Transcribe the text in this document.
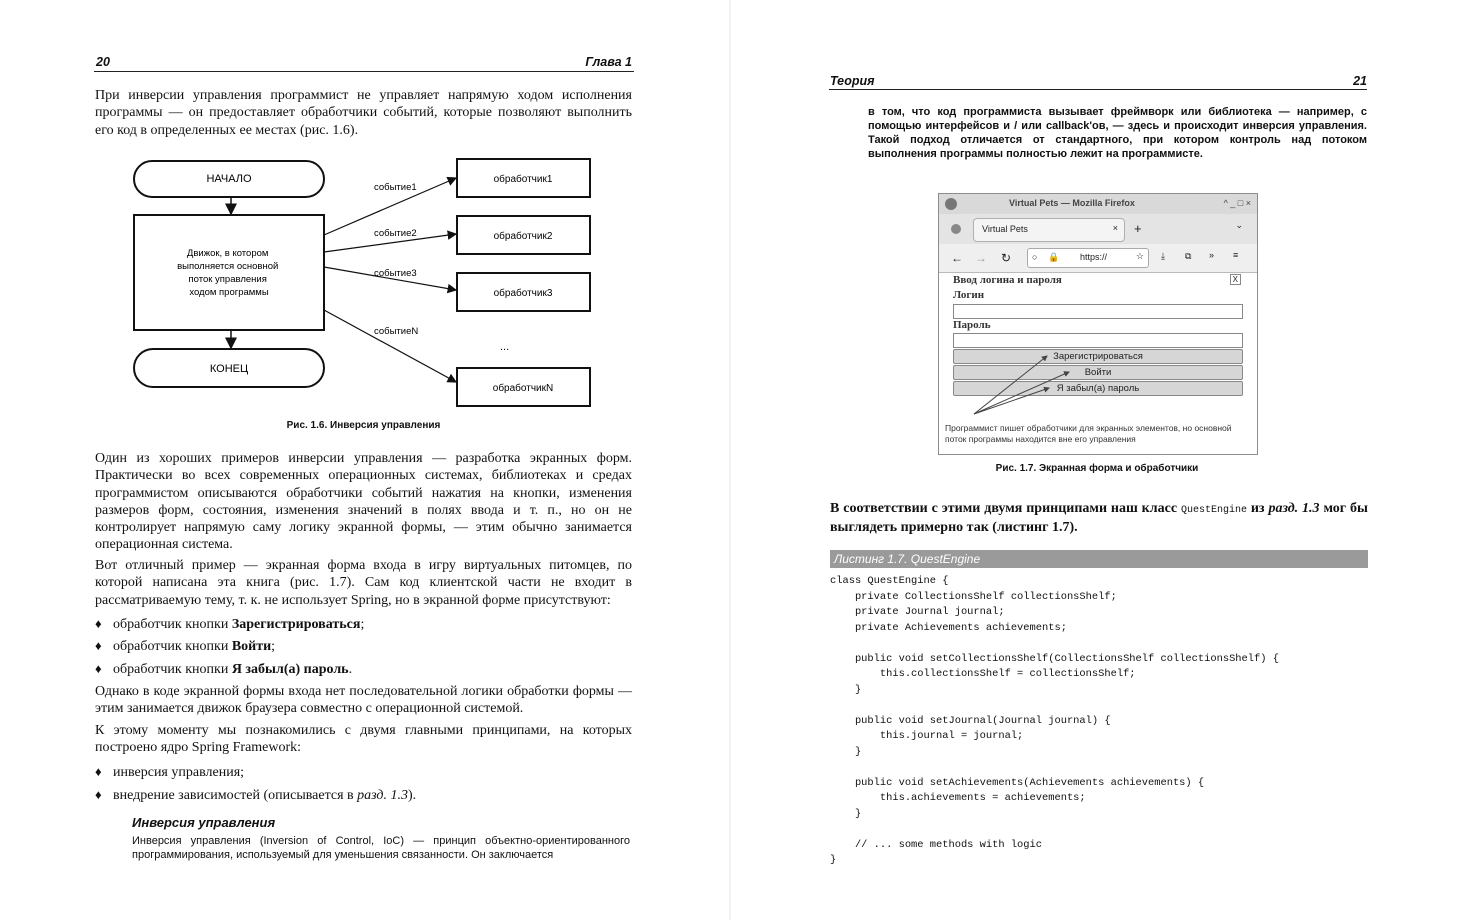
20	Глава 1
При инверсии управления программист не управляет напрямую ходом исполнения программы — он предоставляет обработчики событий, которые позволяют выполнить его код в определенных ее местах (рис. 1.6).
НАЧАЛО
Движок, в котором выполняется основной поток управления ходом программы
КОНЕЦ
событие1
событие2
событие3
событиеN
обработчик1
обработчик2
обработчик3
...
обработчикN
Рис. 1.6. Инверсия управления
Один из хороших примеров инверсии управления — разработка экранных форм. Практически во всех современных операционных системах, библиотеках и средах программистом описываются обработчики событий нажатия на кнопки, изменения размеров форм, состояния, изменения значений в полях ввода и т. п., но он не контролирует напрямую саму логику экранной формы, — этим обычно занимается операционная система.
Вот отличный пример — экранная форма входа в игру виртуальных питомцев, по которой написана эта книга (рис. 1.7). Сам код клиентской части не входит в рассматриваемую тему, т. к. не использует Spring, но в экранной форме присутствуют:
♦ обработчик кнопки Зарегистрироваться;
♦ обработчик кнопки Войти;
♦ обработчик кнопки Я забыл(а) пароль.
Однако в коде экранной формы входа нет последовательной логики обработки формы — этим занимается движок браузера совместно с операционной системой.
К этому моменту мы познакомились с двумя главными принципами, на которых построено ядро Spring Framework:
♦ инверсия управления;
♦ внедрение зависимостей (описывается в разд. 1.3).
Инверсия управления
Инверсия управления (Inversion of Control, IoC) — принцип объектно-ориентированного программирования, используемый для уменьшения связанности. Он заключается
Теория	21
в том, что код программиста вызывает фреймворк или библиотека — например, с помощью интерфейсов и / или callback'ов, — здесь и происходит инверсия управления. Такой подход отличается от стандартного, при котором контроль над потоком выполнения программы полностью лежит на программисте.
Virtual Pets — Mozilla Firefox	^ _ □ ×
Virtual Pets	× +	⌄
← → ↻ ○ 🔒 https://	☆ ⤓ ⧉ » ≡
Ввод логина и пароля	X
Логин
Пароль
Зарегистрироваться
Войти
Я забыл(а) пароль
Программист пишет обработчики для экранных элементов, но основной поток программы находится вне его управления
Рис. 1.7. Экранная форма и обработчики
В соответствии с этими двумя принципами наш класс QuestEngine из разд. 1.3 мог бы выглядеть примерно так (листинг 1.7).
Листинг 1.7. QuestEngine
class QuestEngine {
private CollectionsShelf collectionsShelf;
private Journal journal;
private Achievements achievements;

public void setCollectionsShelf(CollectionsShelf collectionsShelf) {
this.collectionsShelf = collectionsShelf;
}

public void setJournal(Journal journal) {
this.journal = journal;
}

public void setAchievements(Achievements achievements) {
this.achievements = achievements;
}

// ... some methods with logic
}
